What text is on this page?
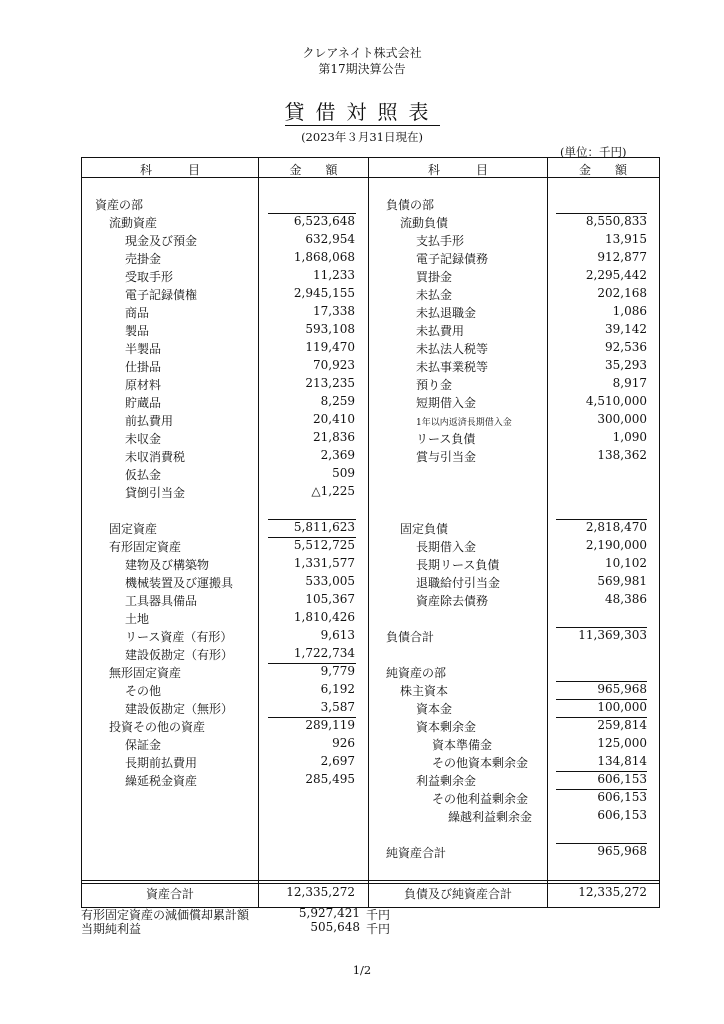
クレアネイト株式会社
第17期決算公告
貸借対照表
(2023年３月31日現在)
(単位：千円)
科　　　目	金　　額	科　　　目	金　　額
資産の部
流動資産	6,523,648
現金及び預金	632,954
売掛金	1,868,068
受取手形	11,233
電子記録債権	2,945,155
商品	17,338
製品	593,108
半製品	119,470
仕掛品	70,923
原材料	213,235
貯蔵品	8,259
前払費用	20,410
未収金	21,836
未収消費税	2,369
仮払金	509
貸倒引当金	△1,225
固定資産	5,811,623
有形固定資産	5,512,725
建物及び構築物	1,331,577
機械装置及び運搬具	533,005
工具器具備品	105,367
土地	1,810,426
リース資産（有形）	9,613
建設仮勘定（有形）	1,722,734
無形固定資産	9,779
その他	6,192
建設仮勘定（無形）	3,587
投資その他の資産	289,119
保証金	926
長期前払費用	2,697
繰延税金資産	285,495
負債の部
流動負債	8,550,833
支払手形	13,915
電子記録債務	912,877
買掛金	2,295,442
未払金	202,168
未払退職金	1,086
未払費用	39,142
未払法人税等	92,536
未払事業税等	35,293
預り金	8,917
短期借入金	4,510,000
1年以内返済長期借入金	300,000
リース負債	1,090
賞与引当金	138,362
固定負債	2,818,470
長期借入金	2,190,000
長期リース負債	10,102
退職給付引当金	569,981
資産除去債務	48,386
負債合計	11,369,303
純資産の部
株主資本	965,968
資本金	100,000
資本剰余金	259,814
資本準備金	125,000
その他資本剰余金	134,814
利益剰余金	606,153
その他利益剰余金	606,153
繰越利益剰余金	606,153
純資産合計	965,968
資産合計	12,335,272	負債及び純資産合計	12,335,272
有形固定資産の減価償却累計額	5,927,421 千円
当期純利益	505,648 千円
1/2
